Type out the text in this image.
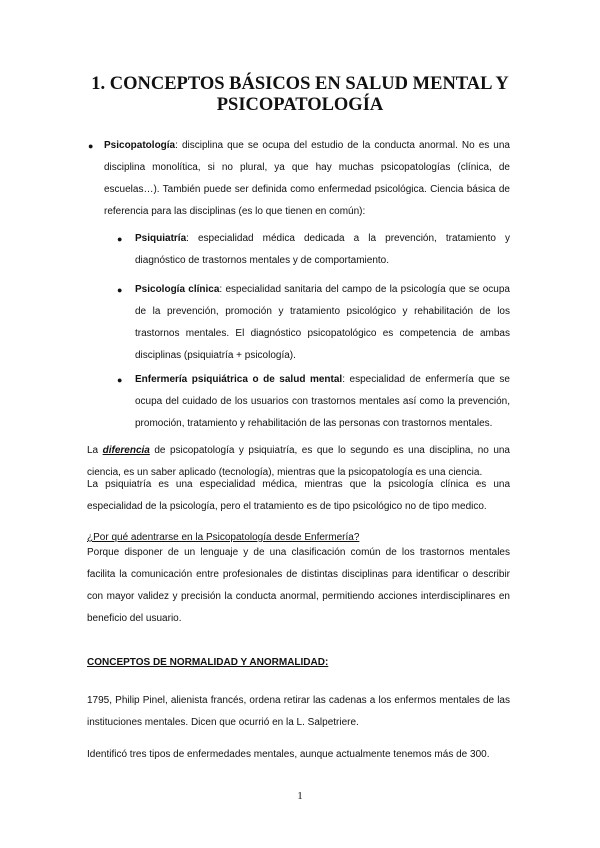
1. CONCEPTOS BÁSICOS EN SALUD MENTAL Y PSICOPATOLOGÍA
● Psicopatología: disciplina que se ocupa del estudio de la conducta anormal. No es una disciplina monolítica, si no plural, ya que hay muchas psicopatologías (clínica, de escuelas…). También puede ser definida como enfermedad psicológica. Ciencia básica de referencia para las disciplinas (es lo que tienen en común):
● Psiquiatría: especialidad médica dedicada a la prevención, tratamiento y diagnóstico de trastornos mentales y de comportamiento.
● Psicología clínica: especialidad sanitaria del campo de la psicología que se ocupa de la prevención, promoción y tratamiento psicológico y rehabilitación de los trastornos mentales. El diagnóstico psicopatológico es competencia de ambas disciplinas (psiquiatría + psicología).
● Enfermería psiquiátrica o de salud mental: especialidad de enfermería que se ocupa del cuidado de los usuarios con trastornos mentales así como la prevención, promoción, tratamiento y rehabilitación de las personas con trastornos mentales.
La diferencia de psicopatología y psiquiatría, es que lo segundo es una disciplina, no una ciencia, es un saber aplicado (tecnología), mientras que la psicopatología es una ciencia.
La psiquiatría es una especialidad médica, mientras que la psicología clínica es una especialidad de la psicología, pero el tratamiento es de tipo psicológico no de tipo medico.
¿Por qué adentrarse en la Psicopatología desde Enfermería?
Porque disponer de un lenguaje y de una clasificación común de los trastornos mentales facilita la comunicación entre profesionales de distintas disciplinas para identificar o describir con mayor validez y precisión la conducta anormal, permitiendo acciones interdisciplinares en beneficio del usuario.
CONCEPTOS DE NORMALIDAD Y ANORMALIDAD:
1795, Philip Pinel, alienista francés, ordena retirar las cadenas a los enfermos mentales de las instituciones mentales. Dicen que ocurrió en la L. Salpetriere.
Identificó tres tipos de enfermedades mentales, aunque actualmente tenemos más de 300.
1
